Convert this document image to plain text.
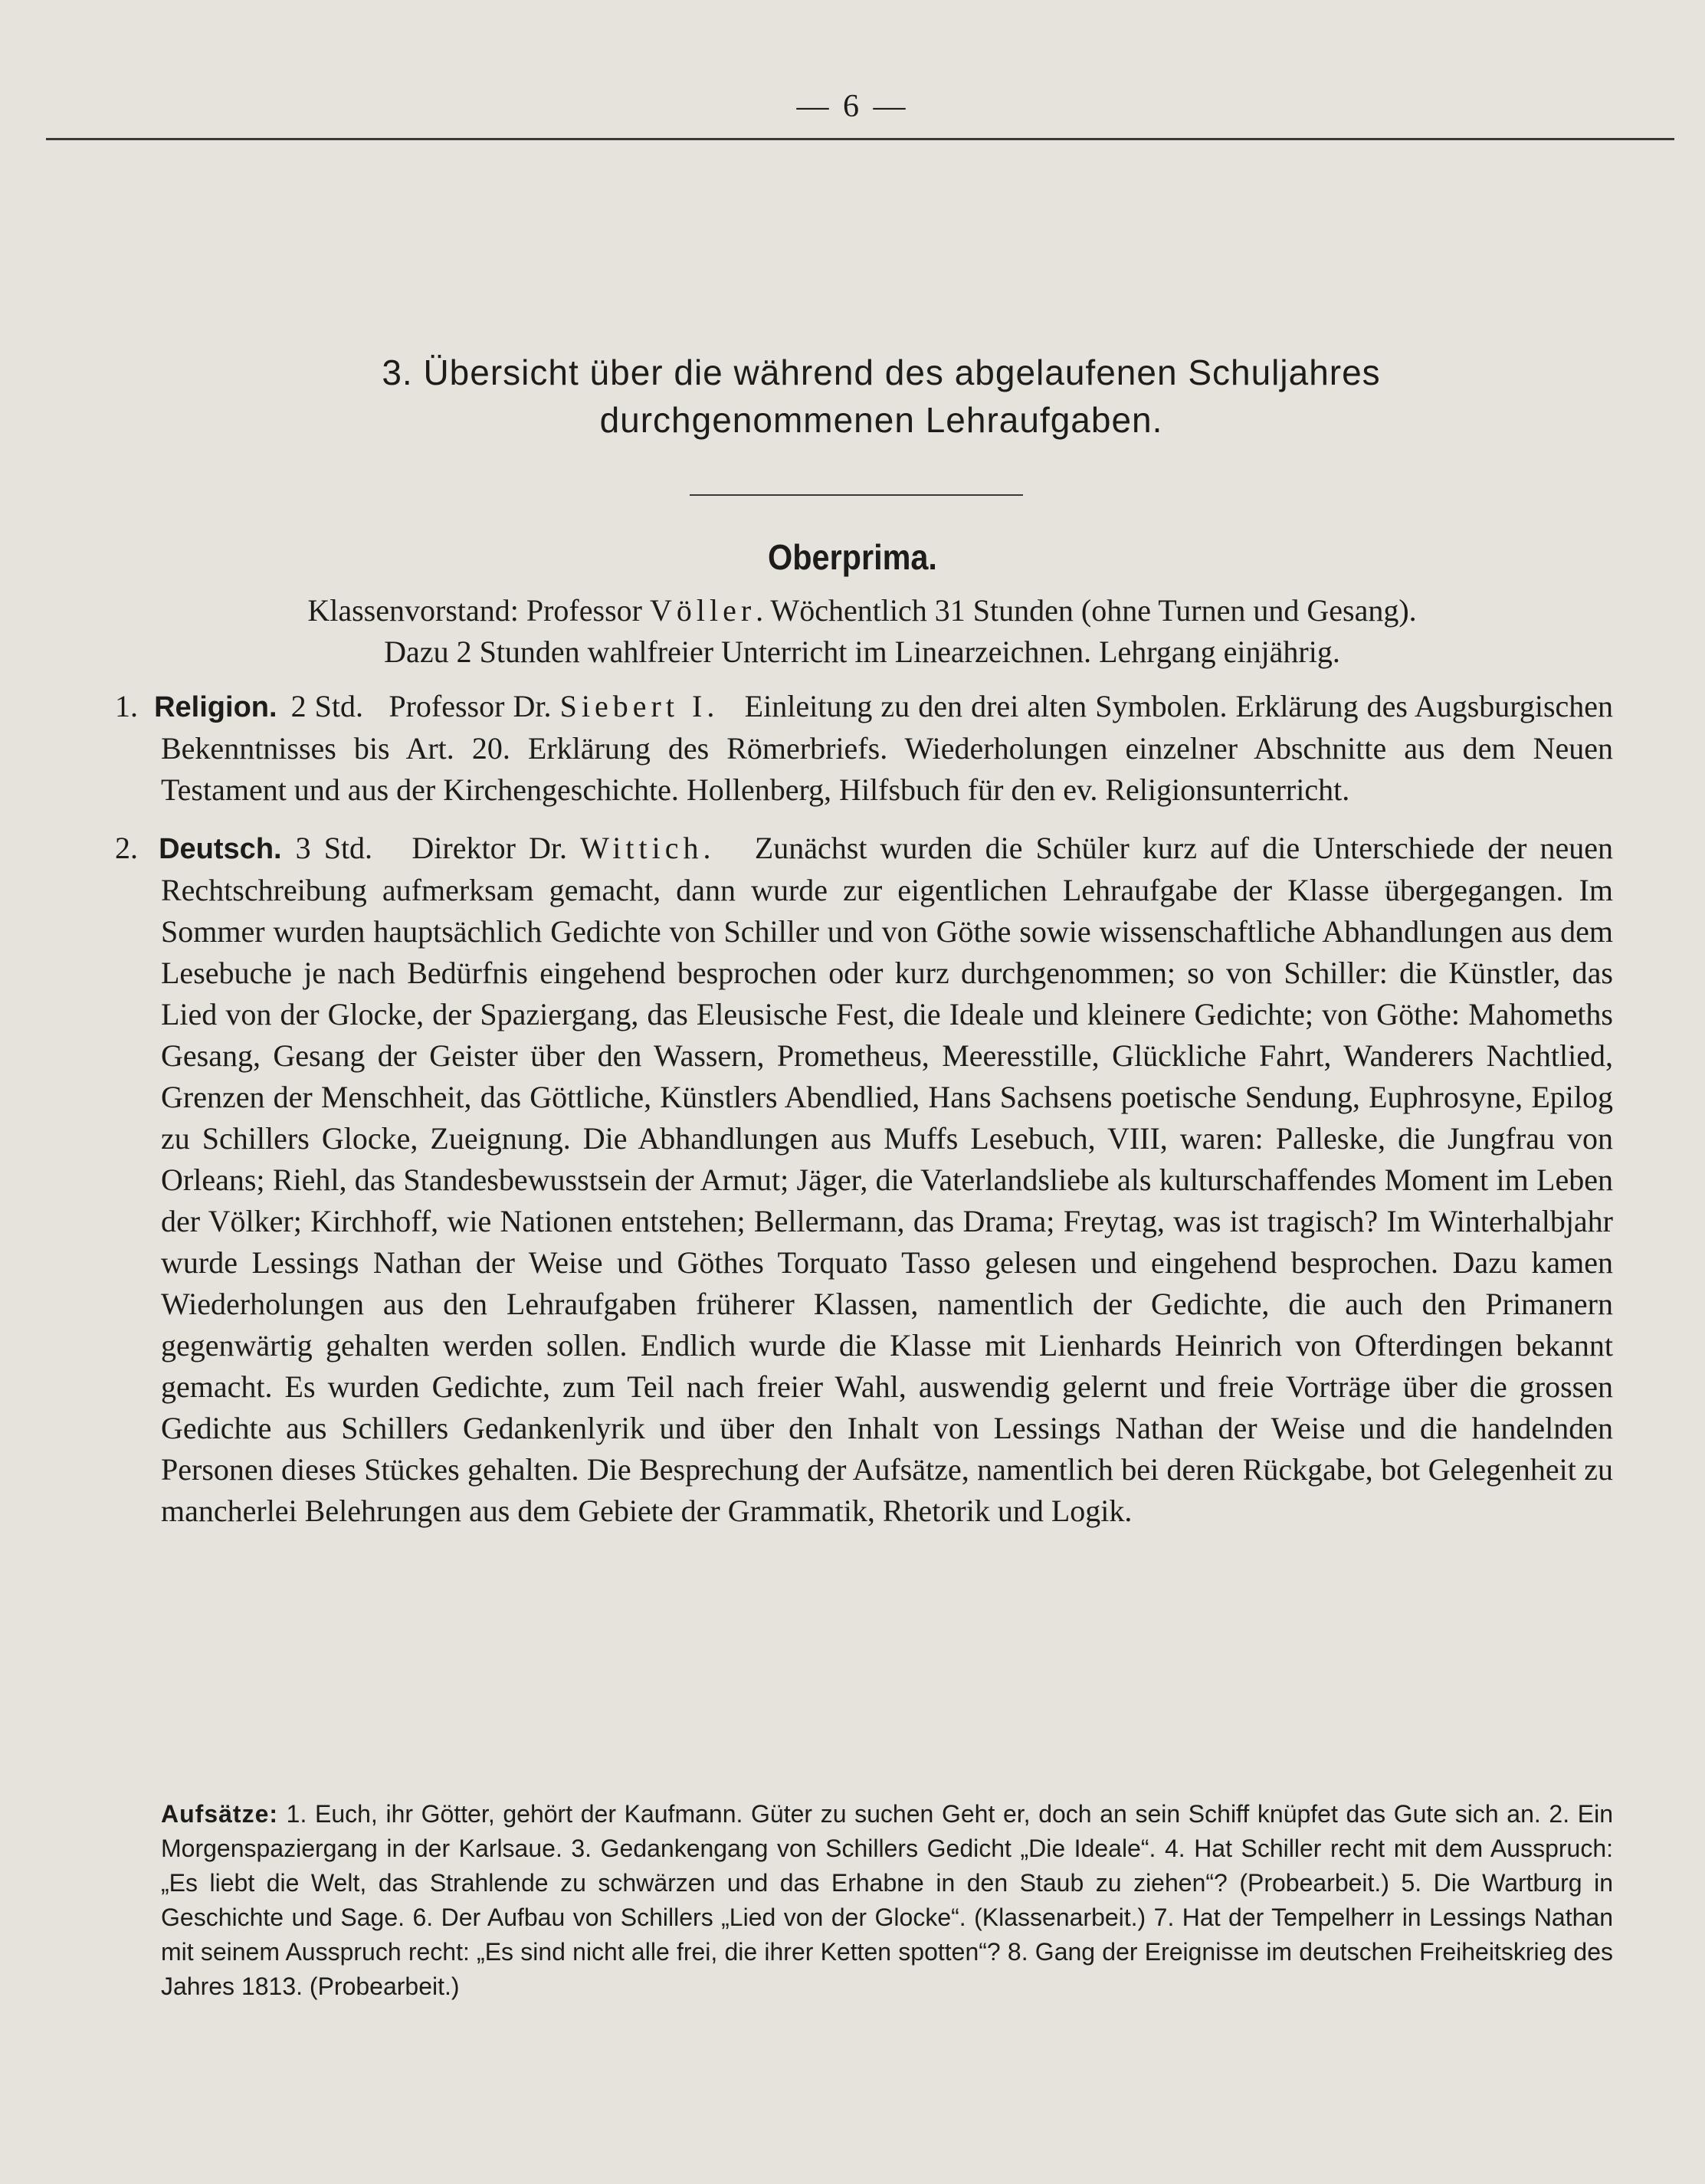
— 6 —
3. Übersicht über die während des abgelaufenen Schuljahres
durchgenommenen Lehraufgaben.
Oberprima.
Klassenvorstand: Professor Völler. Wöchentlich 31 Stunden (ohne Turnen und Gesang).
Dazu 2 Stunden wahlfreier Unterricht im Linearzeichnen. Lehrgang einjährig.

1. Religion. 2 Std. Professor Dr. Siebert I. Einleitung zu den drei alten Symbolen. Erklärung des Augsburgischen Bekenntnisses bis Art. 20. Erklärung des Römerbriefs. Wiederholungen einzelner Abschnitte aus dem Neuen Testament und aus der Kirchengeschichte. Hollenberg, Hilfsbuch für den ev. Religionsunterricht.

2. Deutsch. 3 Std. Direktor Dr. Wittich. Zunächst wurden die Schüler kurz auf die Unterschiede der neuen Rechtschreibung aufmerksam gemacht, dann wurde zur eigentlichen Lehraufgabe der Klasse übergegangen. Im Sommer wurden hauptsächlich Gedichte von Schiller und von Göthe sowie wissenschaftliche Abhandlungen aus dem Lesebuche je nach Bedürfnis eingehend besprochen oder kurz durchgenommen; so von Schiller: die Künstler, das Lied von der Glocke, der Spaziergang, das Eleusische Fest, die Ideale und kleinere Gedichte; von Göthe: Mahomeths Gesang, Gesang der Geister über den Wassern, Prometheus, Meeresstille, Glückliche Fahrt, Wanderers Nachtlied, Grenzen der Menschheit, das Göttliche, Künstlers Abendlied, Hans Sachsens poetische Sendung, Euphrosyne, Epilog zu Schillers Glocke, Zueignung. Die Abhandlungen aus Muffs Lesebuch, VIII, waren: Palleske, die Jungfrau von Orleans; Riehl, das Standesbewusstsein der Armut; Jäger, die Vaterlandsliebe als kulturschaffendes Moment im Leben der Völker; Kirchhoff, wie Nationen entstehen; Bellermann, das Drama; Freytag, was ist tragisch? Im Winterhalbjahr wurde Lessings Nathan der Weise und Göthes Torquato Tasso gelesen und eingehend besprochen. Dazu kamen Wiederholungen aus den Lehraufgaben früherer Klassen, namentlich der Gedichte, die auch den Primanern gegenwärtig gehalten werden sollen. Endlich wurde die Klasse mit Lienhards Heinrich von Ofterdingen bekannt gemacht. Es wurden Gedichte, zum Teil nach freier Wahl, auswendig gelernt und freie Vorträge über die grossen Gedichte aus Schillers Gedankenlyrik und über den Inhalt von Lessings Nathan der Weise und die handelnden Personen dieses Stückes gehalten. Die Besprechung der Aufsätze, namentlich bei deren Rückgabe, bot Gelegenheit zu mancherlei Belehrungen aus dem Gebiete der Grammatik, Rhetorik und Logik.

Aufsätze: 1. Euch, ihr Götter, gehört der Kaufmann. Güter zu suchen Geht er, doch an sein Schiff knüpfet das Gute sich an. 2. Ein Morgenspaziergang in der Karlsaue. 3. Gedankengang von Schillers Gedicht „Die Ideale“. 4. Hat Schiller recht mit dem Ausspruch: „Es liebt die Welt, das Strahlende zu schwärzen und das Erhabne in den Staub zu ziehen“? (Probearbeit.) 5. Die Wartburg in Geschichte und Sage. 6. Der Aufbau von Schillers „Lied von der Glocke“. (Klassenarbeit.) 7. Hat der Tempelherr in Lessings Nathan mit seinem Ausspruch recht: „Es sind nicht alle frei, die ihrer Ketten spotten“? 8. Gang der Ereignisse im deutschen Freiheitskrieg des Jahres 1813. (Probearbeit.)
